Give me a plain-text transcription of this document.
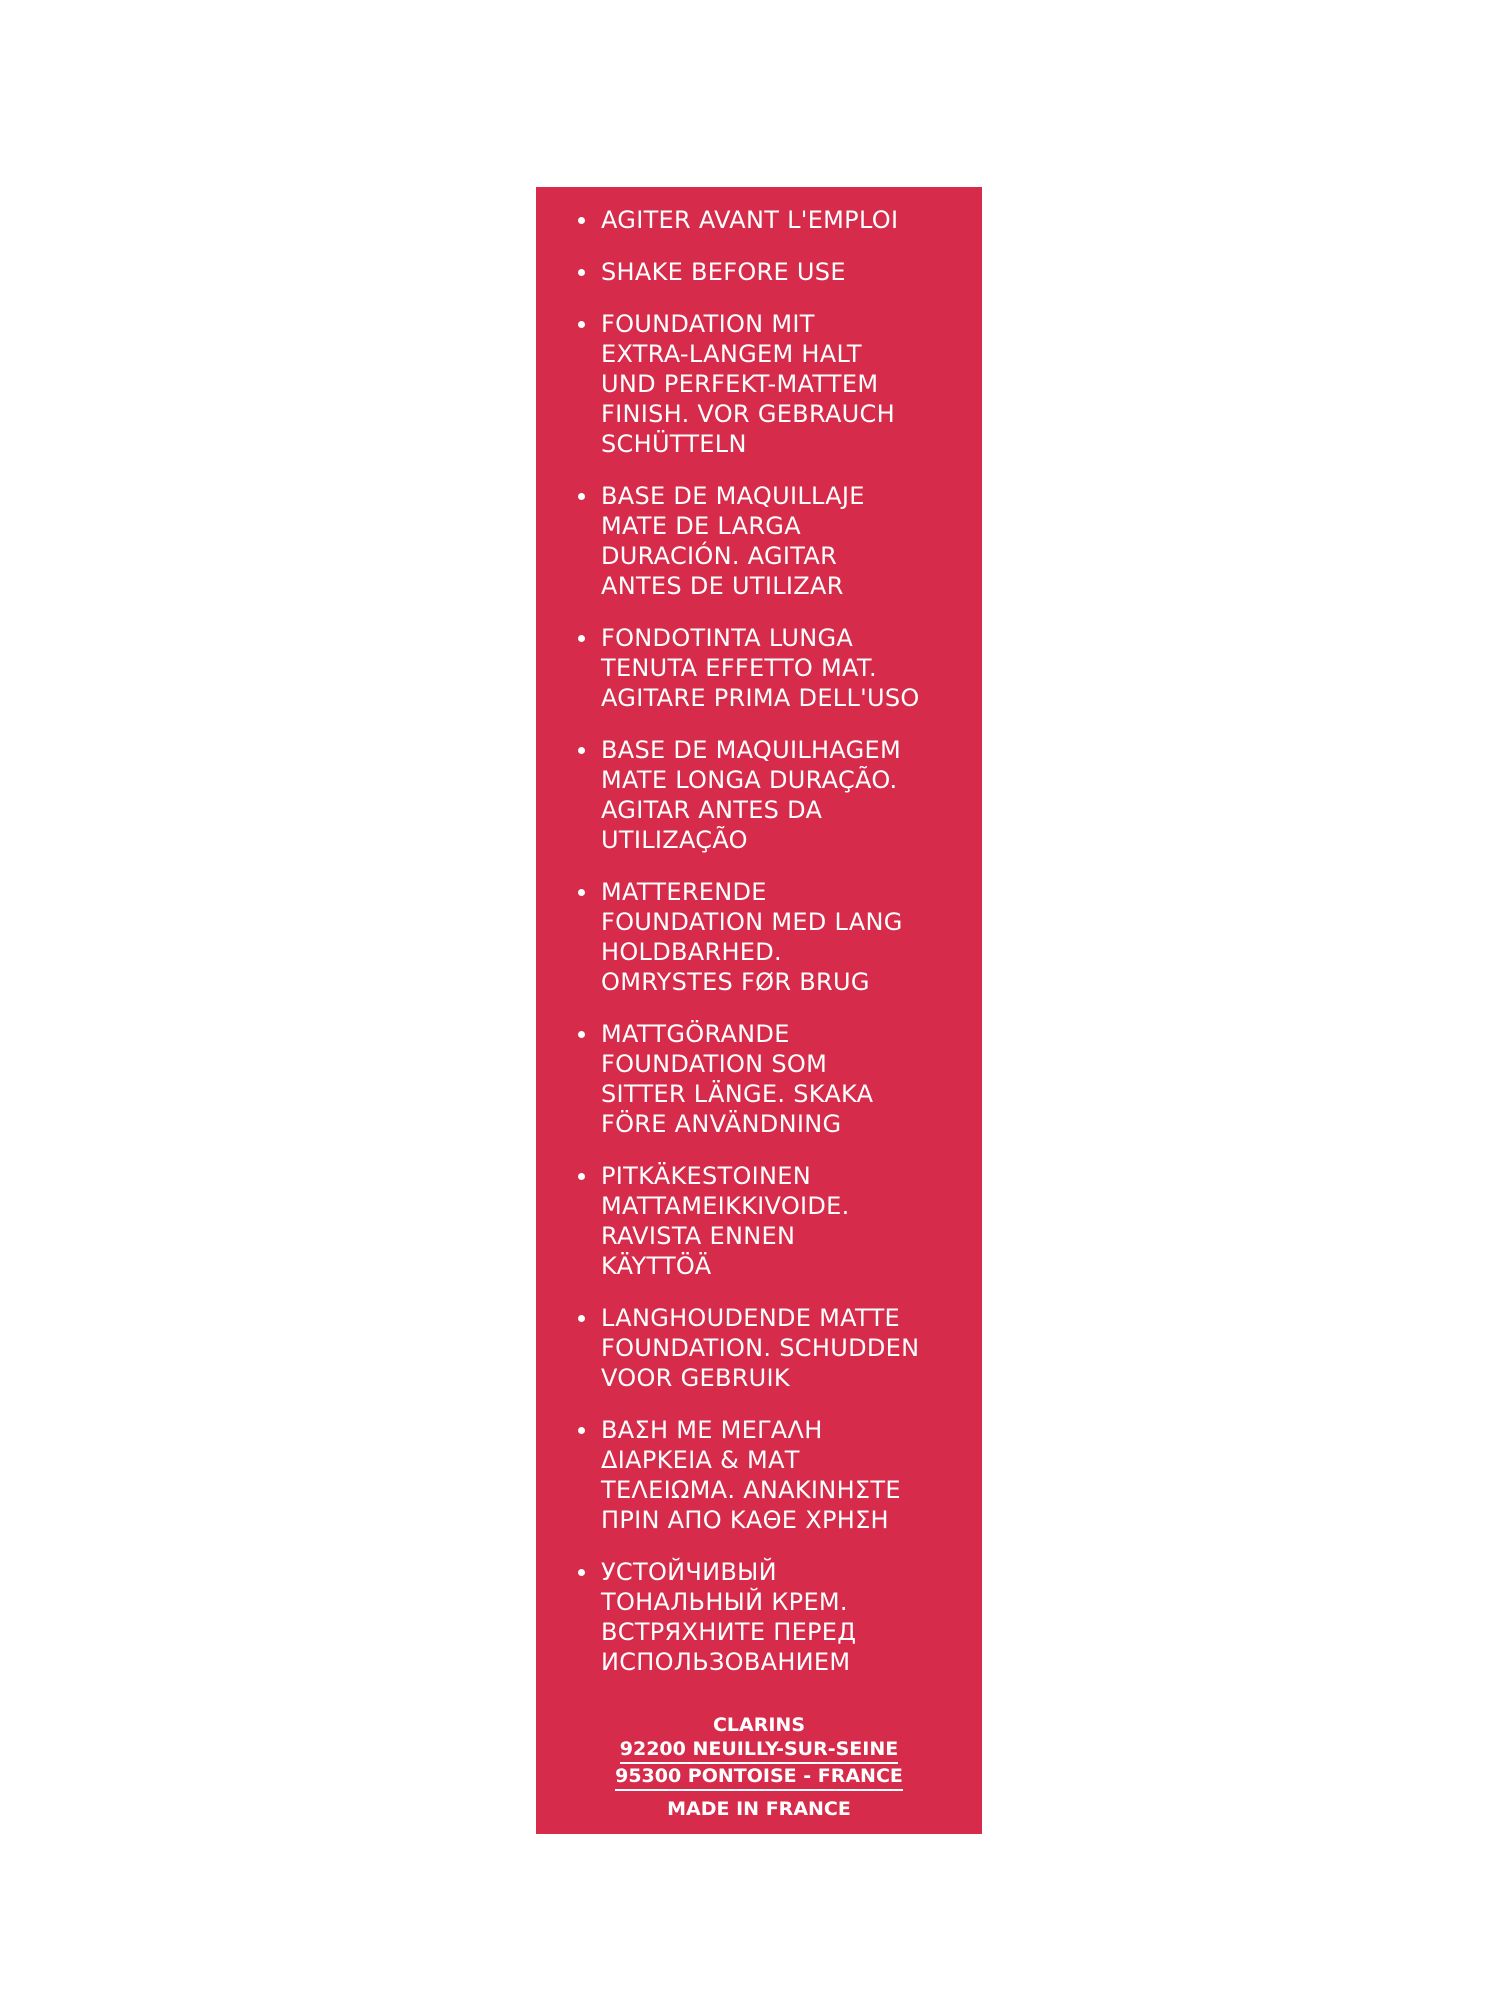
AGITER AVANT L'EMPLOI
SHAKE BEFORE USE
FOUNDATION MIT
EXTRA-LANGEM HALT
UND PERFEKT-MATTEM
FINISH. VOR GEBRAUCH
SCHÜTTELN
BASE DE MAQUILLAJE
MATE DE LARGA
DURACIÓN. AGITAR
ANTES DE UTILIZAR
FONDOTINTA LUNGA
TENUTA EFFETTO MAT.
AGITARE PRIMA DELL'USO
BASE DE MAQUILHAGEM
MATE LONGA DURAÇÃO.
AGITAR ANTES DA
UTILIZAÇÃO
MATTERENDE
FOUNDATION MED LANG
HOLDBARHED.
OMRYSTES FØR BRUG
MATTGÖRANDE
FOUNDATION SOM
SITTER LÄNGE. SKAKA
FÖRE ANVÄNDNING
PITKÄKESTOINEN
MATTAMEIKKIVOIDE.
RAVISTA ENNEN
KÄYTTÖÄ
LANGHOUDENDE MATTE
FOUNDATION. SCHUDDEN
VOOR GEBRUIK
ΒΑΣΗ ΜΕ ΜΕΓΑΛΗ
ΔΙΑΡΚΕΙΑ & ΜΑΤ
ΤΕΛΕΙΩΜΑ. ΑΝΑΚΙΝΗΣΤΕ
ΠΡΙΝ ΑΠΟ ΚΑΘΕ ΧΡΗΣΗ
УСТОЙЧИВЫЙ
ТОНАЛЬНЫЙ КРЕМ.
ВСТРЯХНИТЕ ПЕРЕД
ИСПОЛЬЗОВАНИЕМ
CLARINS
92200 NEUILLY-SUR-SEINE
95300 PONTOISE - FRANCE
MADE IN FRANCE
